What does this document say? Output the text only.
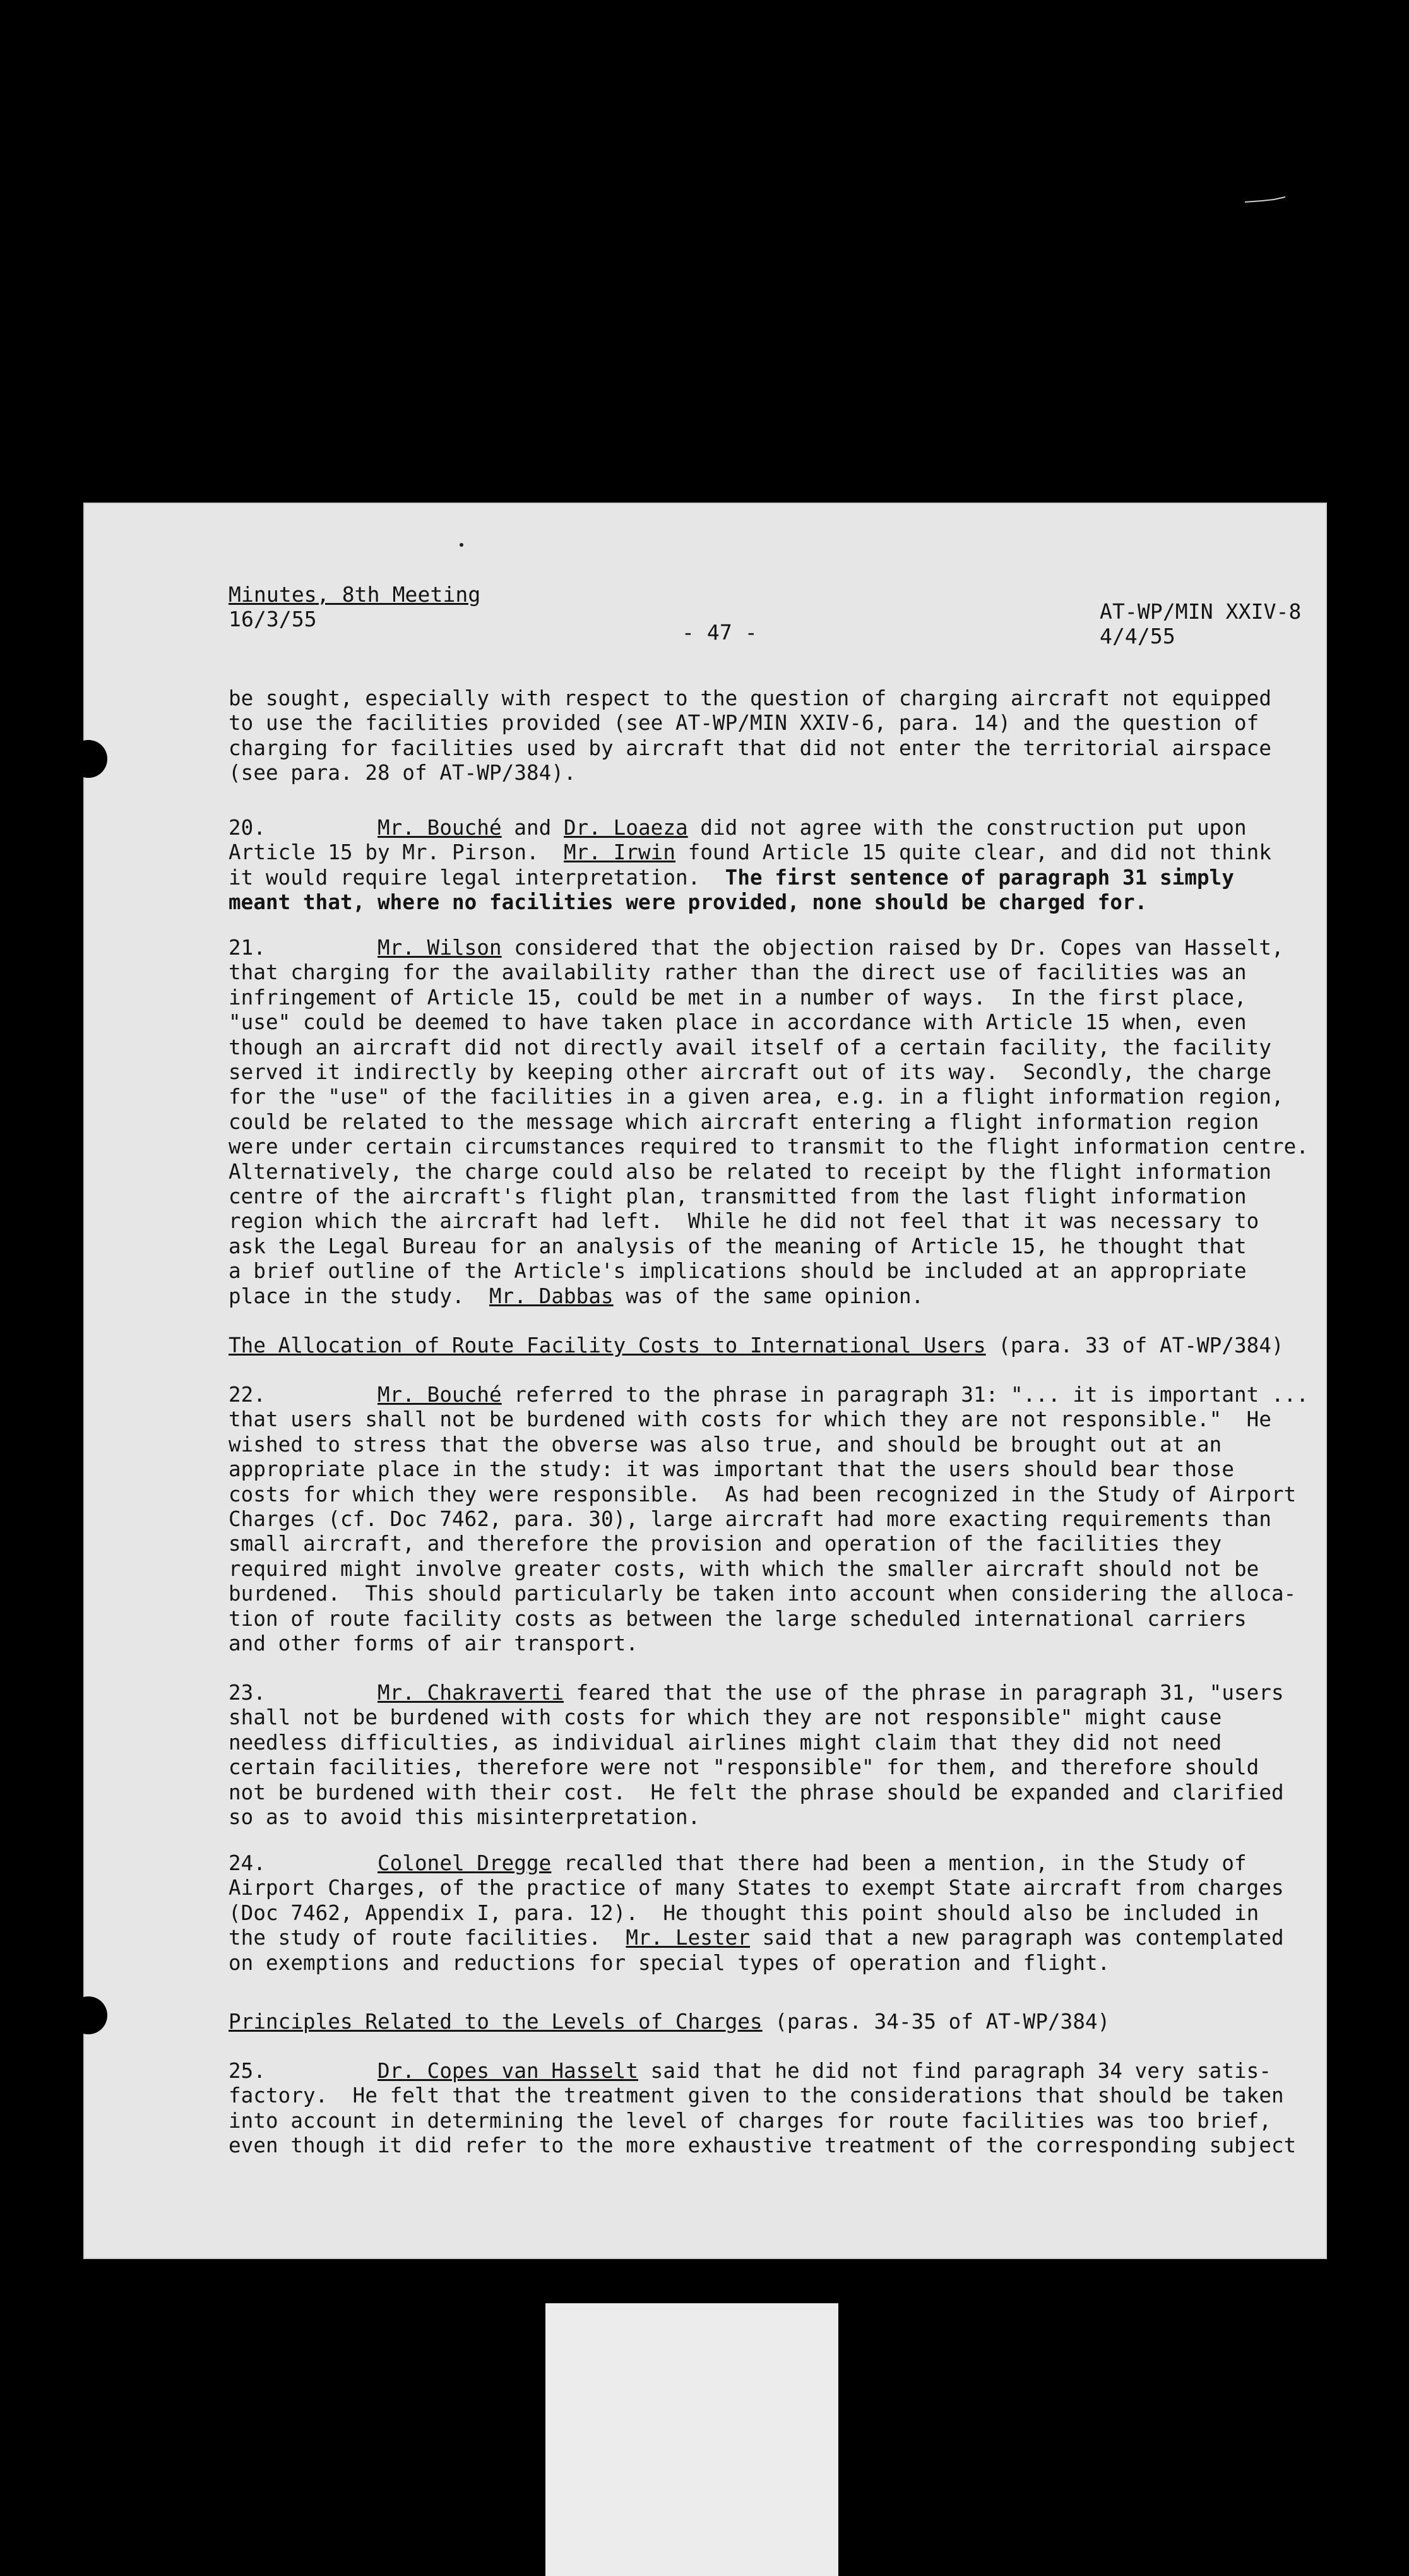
Minutes, 8th Meeting
16/3/55
- 47 -
AT-WP/MIN XXIV-8
4/4/55
be sought, especially with respect to the question of charging aircraft not equipped
to use the facilities provided (see AT-WP/MIN XXIV-6, para. 14) and the question of
charging for facilities used by aircraft that did not enter the territorial airspace
(see para. 28 of AT-WP/384).
20.	Mr. Bouché and Dr. Loaeza did not agree with the construction put upon
Article 15 by Mr. Pirson.  Mr. Irwin found Article 15 quite clear, and did not think
it would require legal interpretation.  The first sentence of paragraph 31 simply
meant that, where no facilities were provided, none should be charged for.
21.	Mr. Wilson considered that the objection raised by Dr. Copes van Hasselt,
that charging for the availability rather than the direct use of facilities was an
infringement of Article 15, could be met in a number of ways.  In the first place,
"use" could be deemed to have taken place in accordance with Article 15 when, even
though an aircraft did not directly avail itself of a certain facility, the facility
served it indirectly by keeping other aircraft out of its way.  Secondly, the charge
for the "use" of the facilities in a given area, e.g. in a flight information region,
could be related to the message which aircraft entering a flight information region
were under certain circumstances required to transmit to the flight information centre.
Alternatively, the charge could also be related to receipt by the flight information
centre of the aircraft's flight plan, transmitted from the last flight information
region which the aircraft had left.  While he did not feel that it was necessary to
ask the Legal Bureau for an analysis of the meaning of Article 15, he thought that
a brief outline of the Article's implications should be included at an appropriate
place in the study.  Mr. Dabbas was of the same opinion.
The Allocation of Route Facility Costs to International Users (para. 33 of AT-WP/384)
22.	Mr. Bouché referred to the phrase in paragraph 31: "... it is important ...
that users shall not be burdened with costs for which they are not responsible."  He
wished to stress that the obverse was also true, and should be brought out at an
appropriate place in the study: it was important that the users should bear those
costs for which they were responsible.  As had been recognized in the Study of Airport
Charges (cf. Doc 7462, para. 30), large aircraft had more exacting requirements than
small aircraft, and therefore the provision and operation of the facilities they
required might involve greater costs, with which the smaller aircraft should not be
burdened.  This should particularly be taken into account when considering the alloca-
tion of route facility costs as between the large scheduled international carriers
and other forms of air transport.
23.	Mr. Chakraverti feared that the use of the phrase in paragraph 31, "users
shall not be burdened with costs for which they are not responsible" might cause
needless difficulties, as individual airlines might claim that they did not need
certain facilities, therefore were not "responsible" for them, and therefore should
not be burdened with their cost.  He felt the phrase should be expanded and clarified
so as to avoid this misinterpretation.
24.	Colonel Dregge recalled that there had been a mention, in the Study of
Airport Charges, of the practice of many States to exempt State aircraft from charges
(Doc 7462, Appendix I, para. 12).  He thought this point should also be included in
the study of route facilities.  Mr. Lester said that a new paragraph was contemplated
on exemptions and reductions for special types of operation and flight.
Principles Related to the Levels of Charges (paras. 34-35 of AT-WP/384)
25.	Dr. Copes van Hasselt said that he did not find paragraph 34 very satis-
factory.  He felt that the treatment given to the considerations that should be taken
into account in determining the level of charges for route facilities was too brief,
even though it did refer to the more exhaustive treatment of the corresponding subject
